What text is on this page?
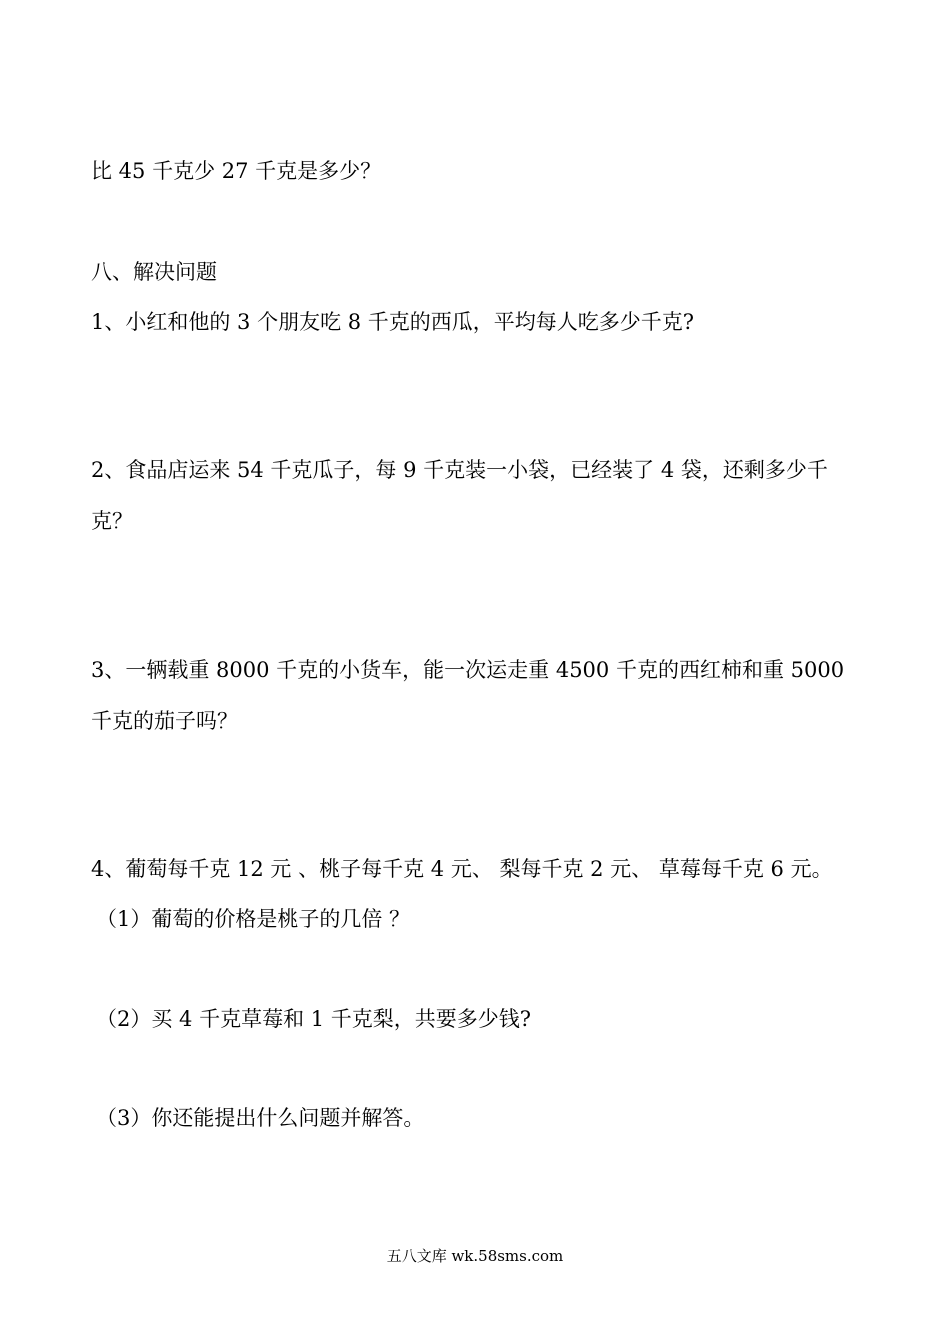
比 45 千克少 27 千克是多少？
八、解决问题
1、小红和他的 3 个朋友吃 8 千克的西瓜，平均每人吃多少千克?
2、食品店运来 54 千克瓜子，每 9 千克装一小袋，已经装了 4 袋，还剩多少千
克？
3、一辆载重 8000 千克的小货车，能一次运走重 4500 千克的西红柿和重 5000
千克的茄子吗？
4、葡萄每千克 12 元 、桃子每千克 4 元、 梨每千克 2 元、 草莓每千克 6 元。
（1）葡萄的价格是桃子的几倍 ？
（2）买 4 千克草莓和 1 千克梨，共要多少钱?
（3）你还能提出什么问题并解答。
五八文库 wk.58sms.com
